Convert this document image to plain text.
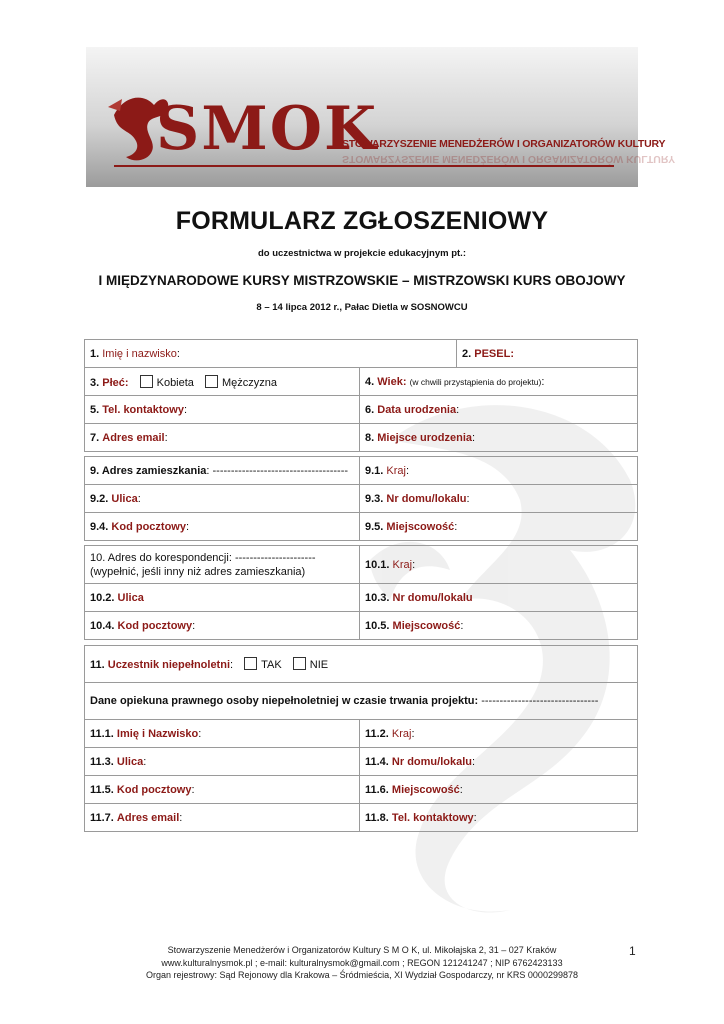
SMOK
STOWARZYSZENIE MENEDŻERÓW I ORGANIZATORÓW KULTURY
STOWARZYSZENIE MENEDŻERÓW I ORGANIZATORÓW KULTURY
FORMULARZ ZGŁOSZENIOWY
do uczestnictwa w projekcie edukacyjnym pt.:
I MIĘDZYNARODOWE KURSY MISTRZOWSKIE – MISTRZOWSKI KURS OBOJOWY
8 – 14 lipca 2012 r., Pałac Dietla w SOSNOWCU
1. Imię i nazwisko:		2. PESEL:
3. Płeć: Kobieta Mężczyzna	4. Wiek: (w chwili przystąpienia do projektu):	
5. Tel. kontaktowy:	6. Data urodzenia:	
7. Adres email:	8. Miejsce urodzenia:	
9. Adres zamieszkania: -------------------------------------	9.1. Kraj:
9.2. Ulica:	9.3. Nr domu/lokalu:
9.4. Kod pocztowy:	9.5. Miejscowość:
10. Adres do korespondencji: ----------------------
(wypełnić, jeśli inny niż adres zamieszkania)	10.1. Kraj:
10.2. Ulica	10.3. Nr domu/lokalu
10.4. Kod pocztowy:	10.5. Miejscowość:
11. Uczestnik niepełnoletni: TAK NIE	
Dane opiekuna prawnego osoby niepełnoletniej w czasie trwania projektu: --------------------------------	
11.1. Imię i Nazwisko:	11.2. Kraj:
11.3. Ulica:	11.4. Nr domu/lokalu:
11.5. Kod pocztowy:	11.6. Miejscowość:
11.7. Adres email:	11.8. Tel. kontaktowy:
Stowarzyszenie Menedżerów i Organizatorów Kultury S M O K, ul. Mikołajska 2, 31 – 027 Kraków
www.kulturalnysmok.pl ; e-mail: kulturalnysmok@gmail.com ; REGON 121241247 ; NIP 6762423133
Organ rejestrowy: Sąd Rejonowy dla Krakowa – Śródmieścia, XI Wydział Gospodarczy, nr KRS 0000299878
1
